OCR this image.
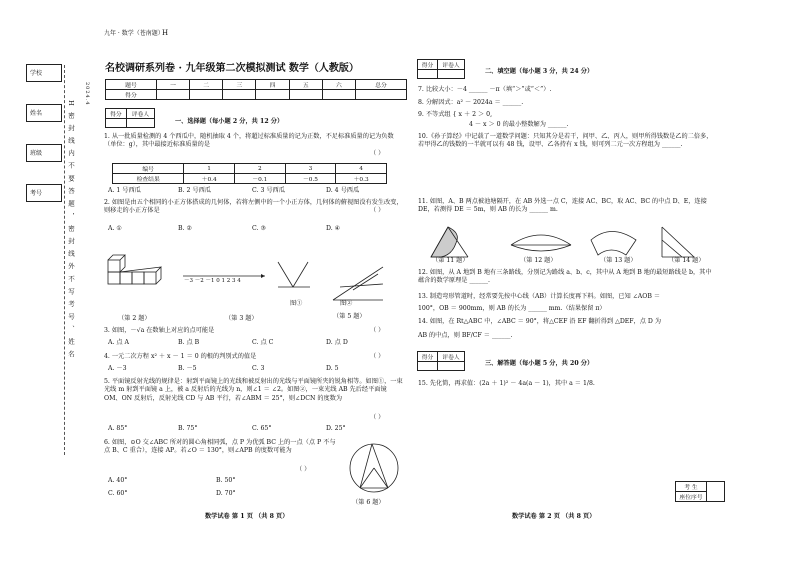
九年 · 数学（苍南题）
H
学校
姓名
班级
考号	H 密 封 线 内 不 要 答 题 ， 密 封 线 外 不 写 考 号 、 姓 名
2024.4
名校调研系列卷 · 九年级第二次模拟测试 数学（人教版）
题号	一	二	三	四	五	六	总分
得分							
得分	评卷人

一、选择题（每小题 2 分，共 12 分）
1. 从一批质量检测的 4 个西瓜中，随机抽取 4 个，将超过标准质量的记为正数，不足标准质量的记为负数（单位：g），其中最接近标准质量的是
（ ）
编号	1	2	3	4
检查结果	＋0.4	－0.1	－0.5	＋0.3
A. 1 号西瓜	B. 2 号西瓜	C. 3 号西瓜	D. 4 号西瓜
2. 如图是由五个相同的小正方体搭成的几何体，若将左侧中的一个小正方体，几何体的俯视图没有发生改变，则移走的小正方体是	（ ）
A. ①	B. ②	C. ③	D. ④
（第 2 题）
－3 －2 －1 0 1 2 3 4
（第 3 题）
图①	图②
（第 5 题）
3. 如图，－√a 在数轴上对应的点可能是	（ ）
A. 点 A	B. 点 B	C. 点 C	D. 点 D
4. 一元二次方程 x² ＋ x － 1 ＝ 0 的根的判别式的值是	（ ）
A. －3	B. －5	C. 3	D. 5
5. 平面镜反射光线的规律是：射到平面镜上的光线和被反射出的光线与平面镜所夹的锐角相等。如图①，一束光线 m 射到平面镜 a 上，被 a 反射后的光线为 n，则∠1 ＝ ∠2。如图②，一束光线 AB 先后经平面镜 OM、ON 反射后，反射光线 CD 与 AB 平行，若∠ABM ＝ 25°，则∠DCN 的度数为
（ ）
A. 85°	B. 75°	C. 65°	D. 25°
6. 如图，⊙O 交∠ABC 所对的圆心角相同弧，点 P 为优弧 BC 上的一点（点 P 不与点 B、C 重合），连接 AP。若∠O ＝ 130°，则∠APB 的度数可能为
（ ）
A. 40°	B. 50°
C. 60°	D. 70°
（第 6 题）
数学试卷 第 1 页 （共 8 页）
得分	评卷人

二、填空题（每小题 3 分，共 24 分）
7. 比较大小：－4 ______ －π（填“＞”或“＜”）.
8. 分解因式：a² － 2024a ＝ ______.
9. 不等式组 { x ＋ 2 ＞ 0,
4 － x ＞ 0 的最小整数解为 ______.
10.《孙子算经》中记载了一道数学问题：只知其分是若干，问甲、乙、丙人，则甲所得钱数是乙的二倍多，若甲得乙的钱数的一半就可以有 48 钱，设甲、乙各持有 x 钱，则可列二元一次方程组为 ______.
11. 如图，A、B 两点被池塘隔开，在 AB 外选一点 C，连接 AC、BC，取 AC、BC 的中点 D、E，连接 DE，若测得 DE ＝ 5m，则 AB 的长为 ______ m.
（第 11 题）	（第 12 题）	（第 13 题）	（第 14 题）
12. 如图，从 A 地到 B 地有三条路线，分别记为路线 a、b、c，其中从 A 地到 B 地的最短路线是 b，其中蕴含的数学原理是 ______.
13. 制造弯形管道时，经常要先按中心线（AB）计算长度再下料。如图，已知 ∠AOB ＝
100°，OB ＝ 900mm，则 AB 的长为 ______ mm.（结果保留 π）
14. 如图，在 Rt△ABC 中，∠ABC ＝ 90°，将△CEF 沿 EF 翻折得到 △DEF，点 D 为
AB 的中点，则 BF/CF ＝ ______.
得分	评卷人

三、解答题（每小题 5 分，共 20 分）
15. 先化简，再求值：(2a ＋ 1)² － 4a(a － 1)，其中 a ＝ 1/8.
考 生	
座位序号
数学试卷 第 2 页 （共 8 页）
